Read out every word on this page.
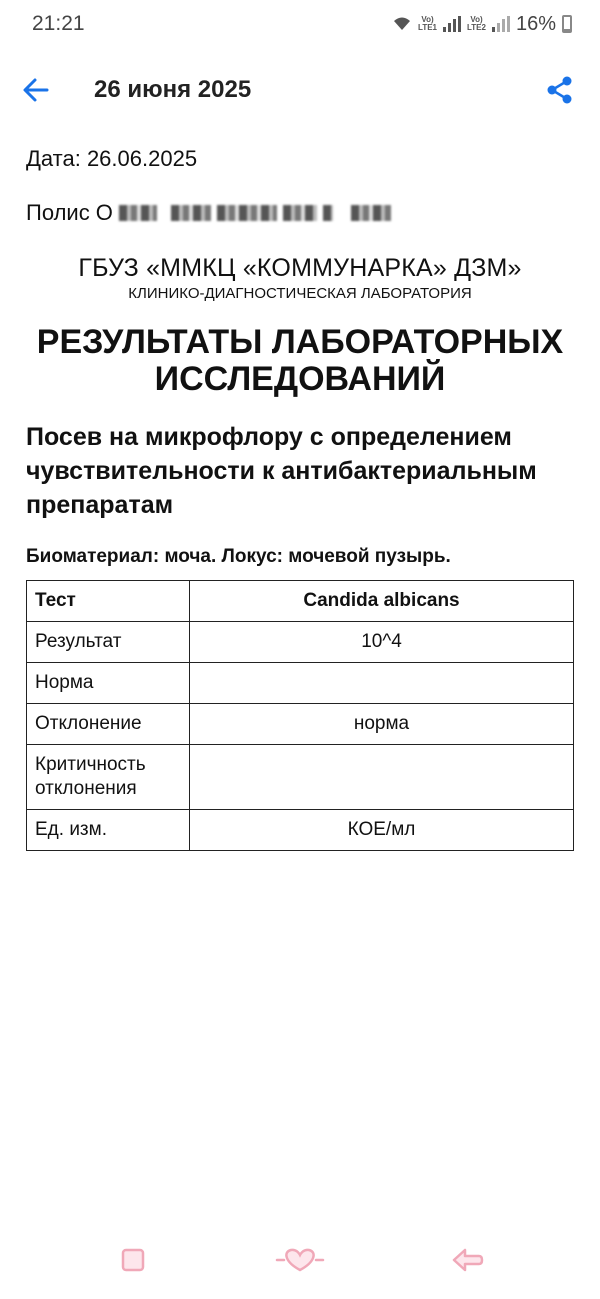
21:21	Vo)
LTE1
Vo)
LTE2 16%
26 июня 2025
Дата: 26.06.2025
Полис О
ГБУЗ «ММКЦ «КОММУНАРКА» ДЗМ»
КЛИНИКО-ДИАГНОСТИЧЕСКАЯ ЛАБОРАТОРИЯ
РЕЗУЛЬТАТЫ ЛАБОРАТОРНЫХ ИССЛЕДОВАНИЙ
Посев на микрофлору с определением чувствительности к антибактериальным препаратам
Биоматериал: моча. Локус: мочевой пузырь.
Тест	Candida albicans
Результат	10^4
Норма	
Отклонение	норма
Критичность отклонения	
Ед. изм.	КОЕ/мл
